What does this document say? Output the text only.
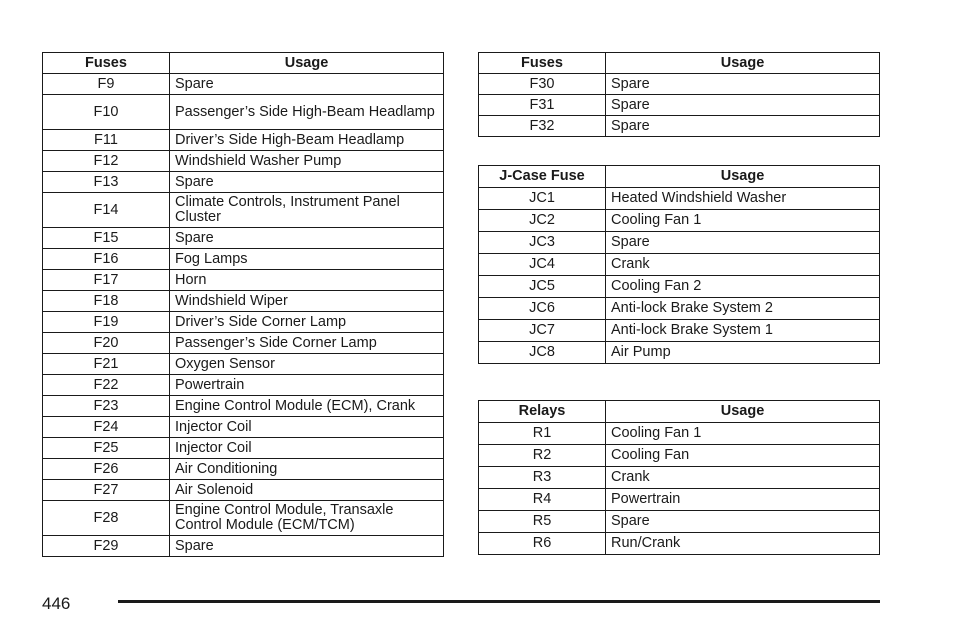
Fuses	Usage
F9	Spare
F10	Passenger’s Side High-Beam Headlamp
F11	Driver’s Side High-Beam Headlamp
F12	Windshield Washer Pump
F13	Spare
F14	Climate Controls, Instrument Panel Cluster
F15	Spare
F16	Fog Lamps
F17	Horn
F18	Windshield Wiper
F19	Driver’s Side Corner Lamp
F20	Passenger’s Side Corner Lamp
F21	Oxygen Sensor
F22	Powertrain
F23	Engine Control Module (ECM), Crank
F24	Injector Coil
F25	Injector Coil
F26	Air Conditioning
F27	Air Solenoid
F28	Engine Control Module, Transaxle Control Module (ECM/TCM)
F29	Spare
Fuses	Usage
F30	Spare
F31	Spare
F32	Spare
J-Case Fuse	Usage
JC1	Heated Windshield Washer
JC2	Cooling Fan 1
JC3	Spare
JC4	Crank
JC5	Cooling Fan 2
JC6	Anti-lock Brake System 2
JC7	Anti-lock Brake System 1
JC8	Air Pump
Relays	Usage
R1	Cooling Fan 1
R2	Cooling Fan
R3	Crank
R4	Powertrain
R5	Spare
R6	Run/Crank
446
